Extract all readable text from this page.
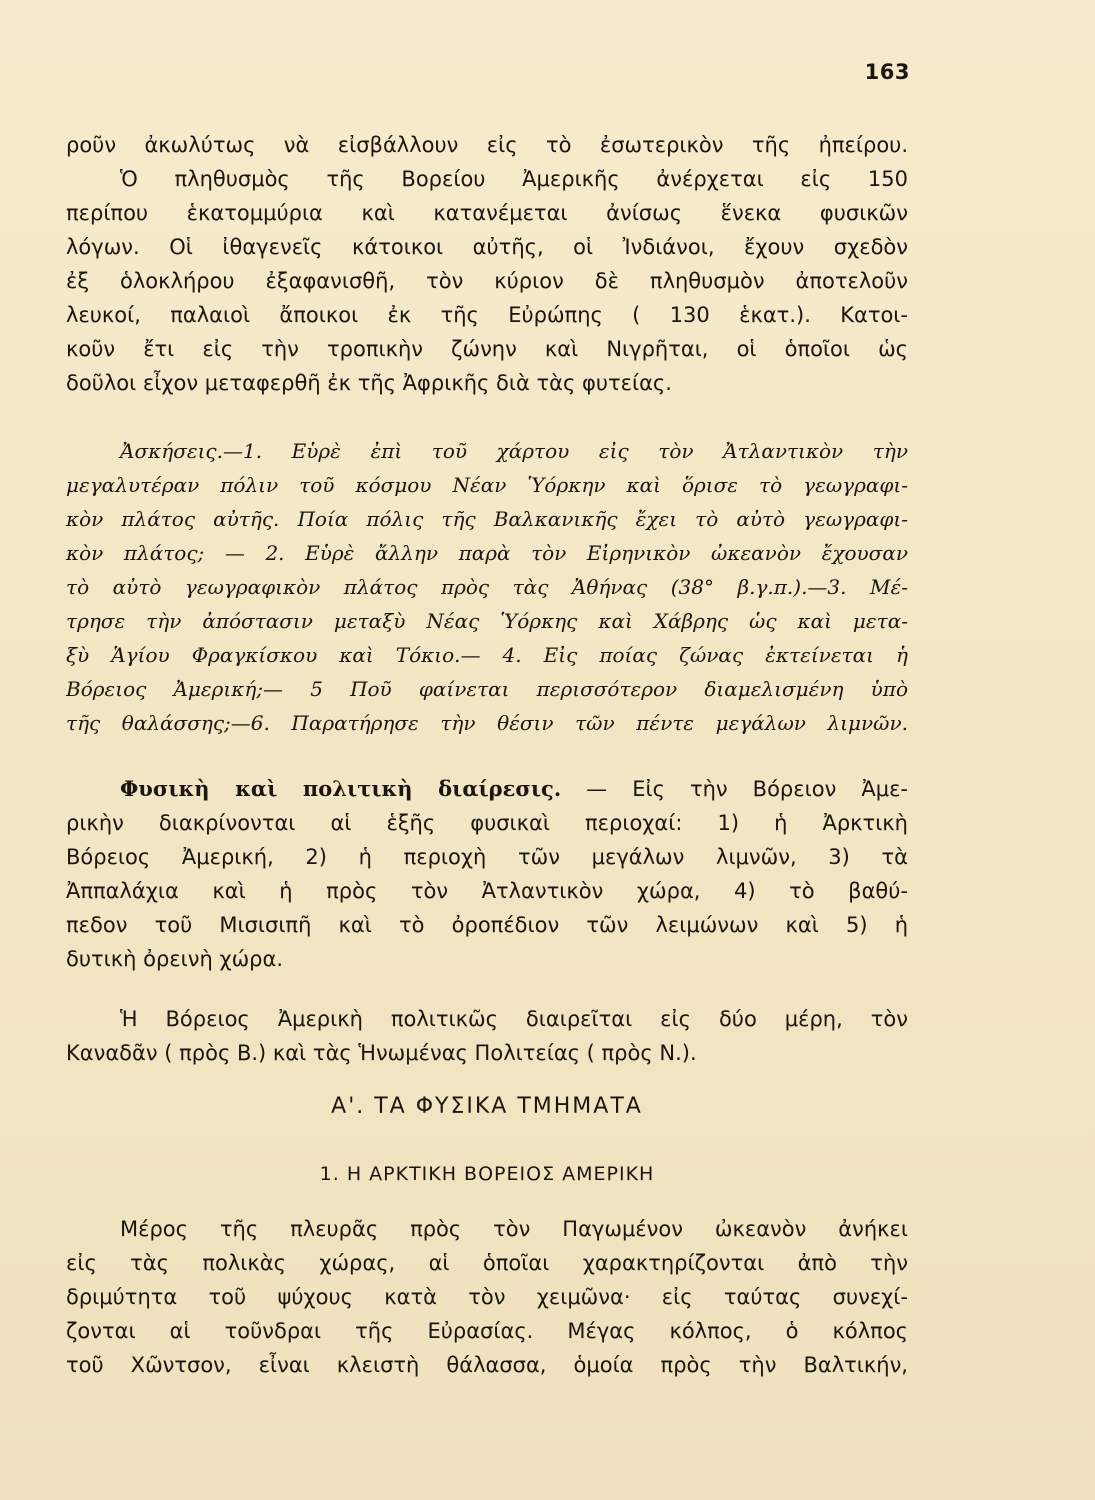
163
ροῦν ἀκωλύτως νὰ εἰσβάλλουν εἰς τὸ ἐσωτερικὸν τῆς ἠπείρου.
Ὁ πληθυσμὸς τῆς Βορείου Ἀμερικῆς ἀνέρχεται εἰς 150
περίπου ἑκατομμύρια καὶ κατανέμεται ἀνίσως ἕνεκα φυσικῶν
λόγων. Οἱ ἰθαγενεῖς κάτοικοι αὐτῆς, οἱ Ἰνδιάνοι, ἔχουν σχεδὸν
ἐξ ὁλοκλήρου ἐξαφανισθῆ, τὸν κύριον δὲ πληθυσμὸν ἀποτελοῦν
λευκοί, παλαιοὶ ἄποικοι ἐκ τῆς Εὐρώπης ( 130 ἑκατ.). Κατοι-
κοῦν ἔτι εἰς τὴν τροπικὴν ζώνην καὶ Νιγρῆται, οἱ ὁποῖοι ὡς
δοῦλοι εἶχον μεταφερθῆ ἐκ τῆς Ἀφρικῆς διὰ τὰς φυτείας.
Ἀσκήσεις.—1. Εὑρὲ ἐπὶ τοῦ χάρτου εἰς τὸν Ἀτλαντικὸν τὴν
μεγαλυτέραν πόλιν τοῦ κόσμου Νέαν Ὑόρκην καὶ ὅρισε τὸ γεωγραφι-
κὸν πλάτος αὐτῆς. Ποία πόλις τῆς Βαλκανικῆς ἔχει τὸ αὐτὸ γεωγραφι-
κὸν πλάτος; — 2. Εὑρὲ ἄλλην παρὰ τὸν Εἰρηνικὸν ὠκεανὸν ἔχουσαν
τὸ αὐτὸ γεωγραφικὸν πλάτος πρὸς τὰς Ἀθήνας (38° β.γ.π.).—3. Μέ-
τρησε τὴν ἀπόστασιν μεταξὺ Νέας Ὑόρκης καὶ Χάβρης ὡς καὶ μετα-
ξὺ Ἁγίου Φραγκίσκου καὶ Τόκιο.— 4. Εἰς ποίας ζώνας ἐκτείνεται ἡ
Βόρειος Ἀμερική;— 5 Ποῦ φαίνεται περισσότερον διαμελισμένη ὑπὸ
τῆς θαλάσσης;—6. Παρατήρησε τὴν θέσιν τῶν πέντε μεγάλων λιμνῶν.
Φυσικὴ καὶ πολιτικὴ διαίρεσις. — Εἰς τὴν Βόρειον Ἀμε-
ρικὴν διακρίνονται αἱ ἑξῆς φυσικαὶ περιοχαί: 1) ἡ Ἀρκτικὴ
Βόρειος Ἀμερική, 2) ἡ περιοχὴ τῶν μεγάλων λιμνῶν, 3) τὰ
Ἀππαλάχια καὶ ἡ πρὸς τὸν Ἀτλαντικὸν χώρα, 4) τὸ βαθύ-
πεδον τοῦ Μισισιπῆ καὶ τὸ ὀροπέδιον τῶν λειμώνων καὶ 5) ἡ
δυτικὴ ὀρεινὴ χώρα.
Ἡ Βόρειος Ἀμερικὴ πολιτικῶς διαιρεῖται εἰς δύο μέρη, τὸν
Καναδᾶν ( πρὸς Β.) καὶ τὰς Ἡνωμένας Πολιτείας ( πρὸς Ν.).
Α'. ΤΑ ΦΥΣΙΚΑ ΤΜΗΜΑΤΑ
1. Η ΑΡΚΤΙΚΗ ΒΟΡΕΙΟΣ ΑΜΕΡΙΚΗ
Μέρος τῆς πλευρᾶς πρὸς τὸν Παγωμένον ὠκεανὸν ἀνήκει
εἰς τὰς πολικὰς χώρας, αἱ ὁποῖαι χαρακτηρίζονται ἀπὸ τὴν
δριμύτητα τοῦ ψύχους κατὰ τὸν χειμῶνα· εἰς ταύτας συνεχί-
ζονται αἱ τοῦνδραι τῆς Εὐρασίας. Μέγας κόλπος, ὁ κόλπος
τοῦ Χῶντσον, εἶναι κλειστὴ θάλασσα, ὁμοία πρὸς τὴν Βαλτικήν,
